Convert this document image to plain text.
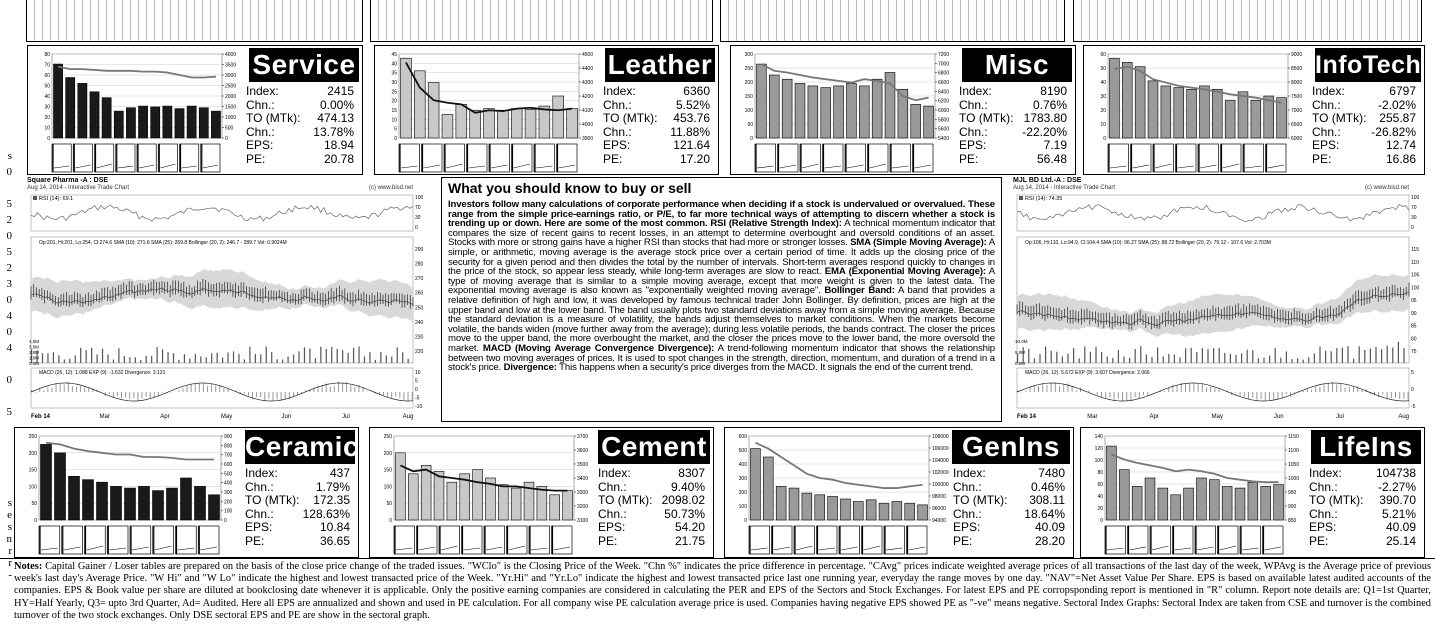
s
0
5
2
0
5
2
3
0
4
0
4
0
5
s
e
s
n
r
r
-
80
70
60
50
40
30
20
10
0
4000
3500
3000
2500
2000
1500
1000
500
0
Service
Index:	2415
Chn.:	0.00%
TO (MTk): 474.13
Chn.:	13.78%
EPS:	18.94
PE:	20.78
45
40
35
30
25
20
15
10
5
0
4500
4400
4300
4200
4100
4000
3900
Leather
Index:	6360
Chn.:	5.52%
TO (MTk): 453.76
Chn.:	11.88%
EPS:	121.64
PE:	17.20
300
250
200
150
100
50
0
7200
7000
6800
6600
6400
6200
6000
5800
5600
5400
Misc
Index:	8190
Chn.:	0.76%
TO (MTk): 1783.80
Chn.:	-22.20%
EPS:	7.19
PE:	56.48
60
50
40
30
20
10
0
9000
8500
8000
7500
7000
6500
6000
InfoTech
Index:	6797
Chn.:	-2.02%
TO (MTk): 255.87
Chn.:	-26.82%
EPS:	12.74
PE:	16.86
250
200
150
100
50
0
900
800
700
600
500
400
300
200
100
0
Ceramic
Index:	437
Chn.:	1.79%
TO (MTk): 172.35
Chn.: 128.63%
EPS:	10.84
PE:	36.65
250
200
150
100
50
0
3700
3600
3500
3400
3300
3200
3100
Cement
Index:	8307
Chn.:	9.40%
TO (MTk): 2098.02
Chn.:	50.73%
EPS:	54.20
PE:	21.75
600
500
400
300
200
100
0
108000
106000
104000
102000
100000
98000
96000
94000
GenIns
Index:	7480
Chn.:	0.46%
TO (MTk): 308.11
Chn.:	18.64%
EPS:	40.09
PE:	28.20
140
120
100
80
60
40
20
0
1150
1100
1050
1000
950
900
850
LifeIns
Index:	104738
Chn.:	-2.27%
TO (MTk): 390.70
Chn.:	5.21%
EPS:	40.09
PE:	25.14
Square Pharma -A : DSE
Aug 14, 2014 - Interactive Trade Chart	(c) www.bisd.net
RSI (14): 69.1	100
70
30
0
Op:201, Hi:201, Lo:254, Cl:274.6 SMA (10): 271.6 SMA (25): 269.8 Bollinger (20, 2): 246.7 - 289.7 Vol: 0.9024M
290
280
270
260
250
240
230
220
4.0M
3.0M
2.0M
1.0M
0.0M
MACD (26, 12): 1.088 EXP (9): -1.632 Divergence: 3.131	10
5
0
-5
-10
Feb 14	Mar	Apr	May	Jun	Jul	Aug
MJL BD Ltd.-A : DSE
Aug 14, 2014 - Interactive Trade Chart	(c) www.bisd.net
RSI (14): 74.35	100
70
30
0
Op:106, Hi:110, Lo:94.9, Cl:104.4 SMA (10): 96.27 SMA (25): 88.72 Bollinger (20, 2): 79.12 - 107.6 Vol: 2.703M
115
110
105
100
95
90
85
80
75
10.0M
5.0M
0.0M
MACD (26, 12): 5.672 EXP (9): 3.607 Divergence: 2.066	5
0
-5
Feb 14	Mar	Apr	May	Jun	Jul	Aug
What you should know to buy or sell
Investors follow many calculations of corporate performance when deciding if a stock is undervalued or overvalued. These range from the simple price-earnings ratio, or P/E, to far more technical ways of attempting to discern whether a stock is trending up or down. Here are some of the most common. RSI (Relative Strength Index): A technical momentum indicator that compares the size of recent gains to recent losses, in an attempt to determine overbought and oversold conditions of an asset. Stocks with more or strong gains have a higher RSI than stocks that had more or stronger losses. SMA (Simple Moving Average): A simple, or arithmetic, moving average is the average stock price over a certain period of time. It adds up the closing price of the security for a given period and then divides the total by the number of intervals. Short-term averages respond quickly to changes in the price of the stock, so appear less steady, while long-term averages are slow to react. EMA (Exponential Moving Average): A type of moving average that is similar to a simple moving average, except that more weight is given to the latest data. The exponential moving average is also known as "exponentially weighted moving average". Bollinger Band: A band that provides a relative definition of high and low, it was developed by famous technical trader John Bollinger. By definition, prices are high at the upper band and low at the lower band. The band usually plots two standard deviations away from a simple moving average. Because the standard deviation is a measure of volatility, the bands adjust themselves to market conditions. When the markets become volatile, the bands widen (move further away from the average); during less volatile periods, the bands contract. The closer the prices move to the upper band, the more overbought the market, and the closer the prices move to the lower band, the more oversold the market. MACD (Moving Average Convergence Divergence): A trend-following momentum indicator that shows the relationship between two moving averages of prices. It is used to spot changes in the strength, direction, momentum, and duration of a trend in a stock's price. Divergence: This happens when a security's price diverges from the MACD. It signals the end of the current trend.
Notes: Capital Gainer / Loser tables are prepared on the basis of the close price change of the traded issues. "WClo" is the Closing Price of the Week. "Chn %" indicates the price difference in percentage. "CAvg" prices indicate weighted average prices of all transactions of the last day of the week, WPAvg is the Average price of previous week's last day's Average Price. "W Hi" and "W Lo" indicate the highest and lowest transacted price of the Week. "Yr.Hi" and "Yr.Lo" indicate the highest and lowest transacted price last one running year, everyday the range moves by one day. "NAV"=Net Asset Value Per Share. EPS is based on available latest audited accounts of the companies. EPS & Book value per share are diluted at bookclosing date whenever it is applicable. Only the positive earning companies are considered in calculating the PER and EPS of the Sectors and Stock Exchanges. For latest EPS and PE corropsponding report is mentioned in "R" column. Report note details are: Q1=1st Quarter, HY=Half Yearly, Q3= upto 3rd Quarter, Ad= Audited. Here all EPS are annualized and shown and used in PE calculation. For all company wise PE calculation average price is used. Companies having negative EPS showed PE as "-ve" means negative. Sectoral Index Graphs: Sectoral Index are taken from CSE and turnover is the combined turnover of the two stock exchanges. Only DSE sectoral EPS and PE are show in the sectoral graph.
